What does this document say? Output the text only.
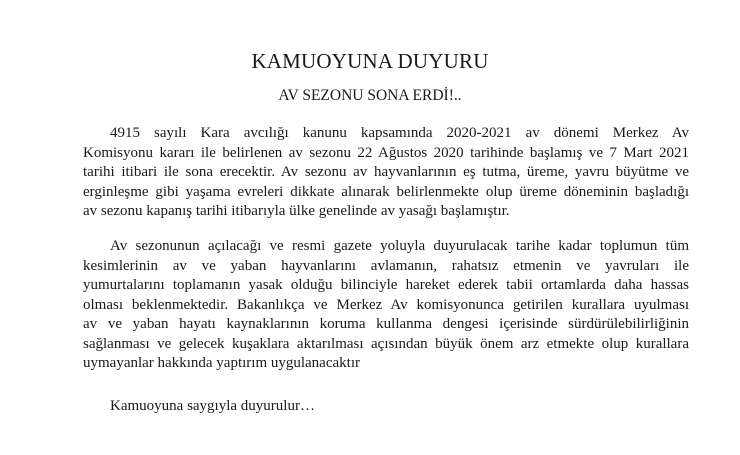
KAMUOYUNA DUYURU
AV SEZONU SONA ERDİ!..
4915 sayılı Kara avcılığı kanunu kapsamında 2020-2021 av dönemi Merkez Av
Komisyonu kararı ile belirlenen av sezonu 22 Ağustos 2020 tarihinde başlamış ve 7 Mart 2021
tarihi itibari ile sona erecektir. Av sezonu av hayvanlarının eş tutma, üreme, yavru büyütme ve
erginleşme gibi yaşama evreleri dikkate alınarak belirlenmekte olup üreme döneminin başladığı
av sezonu kapanış tarihi itibarıyla ülke genelinde av yasağı başlamıştır.
Av sezonunun açılacağı ve resmi gazete yoluyla duyurulacak tarihe kadar toplumun tüm
kesimlerinin av ve yaban hayvanlarını avlamanın, rahatsız etmenin ve yavruları ile
yumurtalarını toplamanın yasak olduğu bilinciyle hareket ederek tabii ortamlarda daha hassas
olması beklenmektedir. Bakanlıkça ve Merkez Av komisyonunca getirilen kurallara uyulması
av ve yaban hayatı kaynaklarının koruma kullanma dengesi içerisinde sürdürülebilirliğinin
sağlanması ve gelecek kuşaklara aktarılması açısından büyük önem arz etmekte olup kurallara
uymayanlar hakkında yaptırım uygulanacaktır

Kamuoyuna saygıyla duyurulur…
